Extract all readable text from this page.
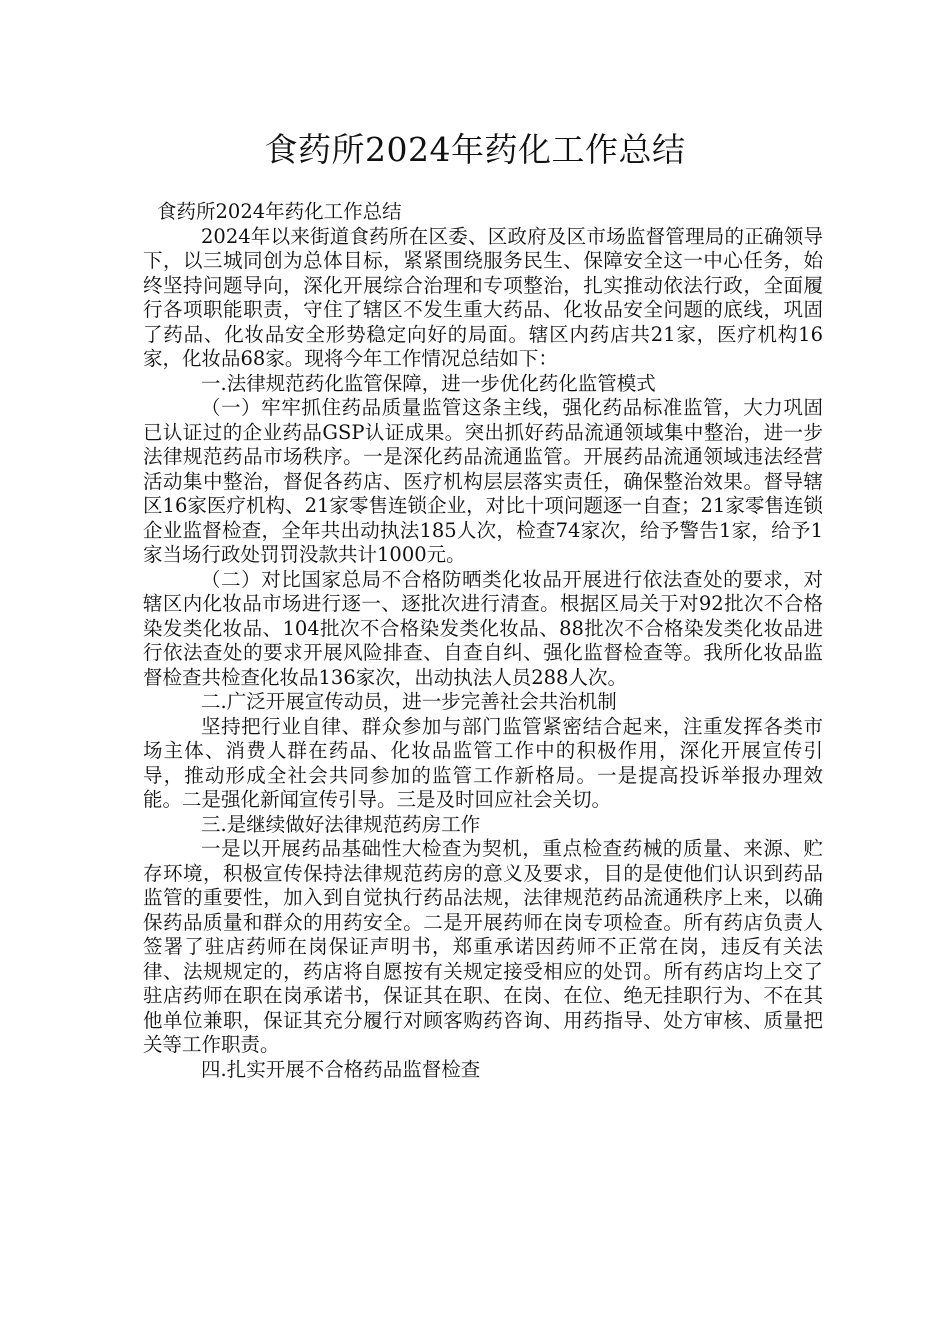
食药所2024年药化工作总结

食药所2024年药化工作总结

2024年以来街道食药所在区委、区政府及区市场监督管理局的正确领导下，以三城同创为总体目标，紧紧围绕服务民生、保障安全这一中心任务，始终坚持问题导向，深化开展综合治理和专项整治，扎实推动依法行政，全面履行各项职能职责，守住了辖区不发生重大药品、化妆品安全问题的底线，巩固了药品、化妆品安全形势稳定向好的局面。辖区内药店共21家，医疗机构16家，化妆品68家。现将今年工作情况总结如下：

一.法律规范药化监管保障，进一步优化药化监管模式

（一）牢牢抓住药品质量监管这条主线，强化药品标准监管，大力巩固已认证过的企业药品GSP认证成果。突出抓好药品流通领域集中整治，进一步法律规范药品市场秩序。一是深化药品流通监管。开展药品流通领域违法经营活动集中整治，督促各药店、医疗机构层层落实责任，确保整治效果。督导辖区16家医疗机构、21家零售连锁企业，对比十项问题逐一自查；21家零售连锁企业监督检查，全年共出动执法185人次，检查74家次，给予警告1家，给予1家当场行政处罚罚没款共计1000元。

（二）对比国家总局不合格防晒类化妆品开展进行依法查处的要求，对辖区内化妆品市场进行逐一、逐批次进行清查。根据区局关于对92批次不合格染发类化妆品、104批次不合格染发类化妆品、88批次不合格染发类化妆品进行依法查处的要求开展风险排查、自查自纠、强化监督检查等。我所化妆品监督检查共检查化妆品136家次，出动执法人员288人次。

二.广泛开展宣传动员，进一步完善社会共治机制

坚持把行业自律、群众参加与部门监管紧密结合起来，注重发挥各类市场主体、消费人群在药品、化妆品监管工作中的积极作用，深化开展宣传引导，推动形成全社会共同参加的监管工作新格局。一是提高投诉举报办理效能。二是强化新闻宣传引导。三是及时回应社会关切。

三.是继续做好法律规范药房工作

一是以开展药品基础性大检查为契机，重点检查药械的质量、来源、贮存环境，积极宣传保持法律规范药房的意义及要求，目的是使他们认识到药品监管的重要性，加入到自觉执行药品法规，法律规范药品流通秩序上来，以确保药品质量和群众的用药安全。二是开展药师在岗专项检查。所有药店负责人签署了驻店药师在岗保证声明书，郑重承诺因药师不正常在岗，违反有关法律、法规规定的，药店将自愿按有关规定接受相应的处罚。所有药店均上交了驻店药师在职在岗承诺书，保证其在职、在岗、在位、绝无挂职行为、不在其他单位兼职，保证其充分履行对顾客购药咨询、用药指导、处方审核、质量把关等工作职责。

四.扎实开展不合格药品监督检查
